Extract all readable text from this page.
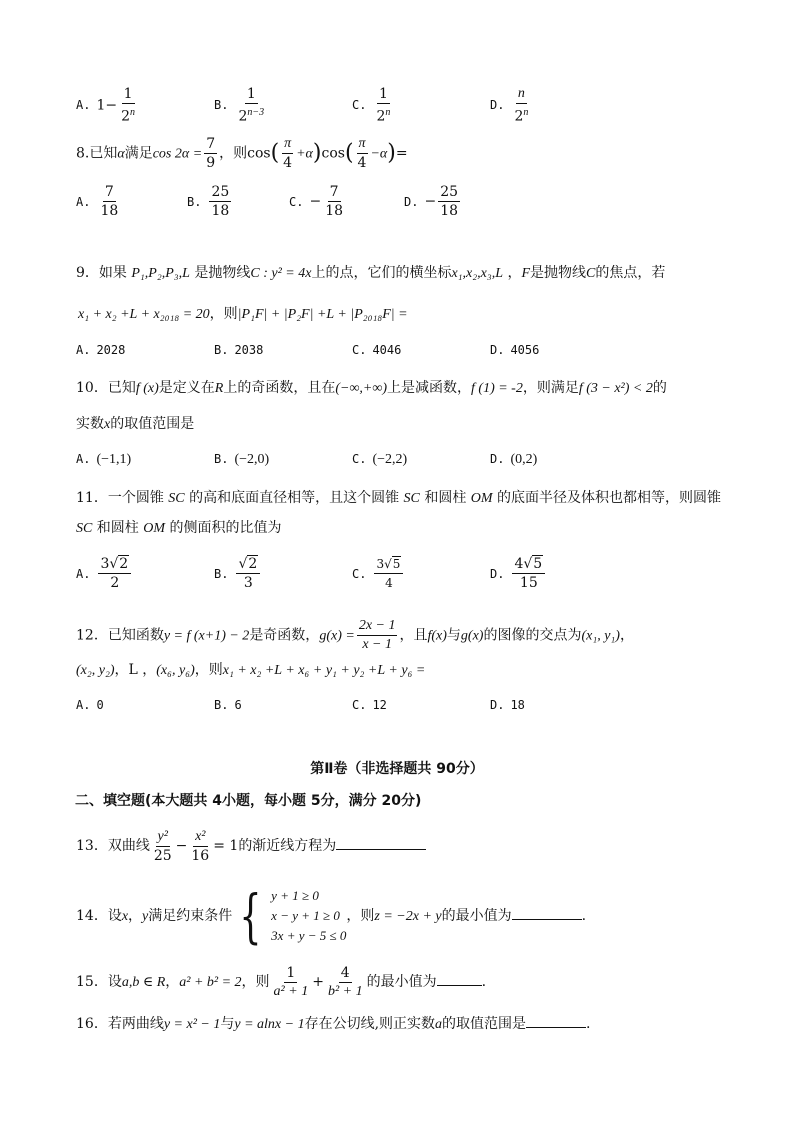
A. $1- \frac{1}{2^n}$	B. $\frac{1}{2^{n-3}}$	C. $\frac{1}{2^n}$	D. $\frac{n}{2^n}$
8.已知α满足$\cos 2\alpha = \frac{7}{9}$ ，则$\cos( \frac{\pi}{4} +\alpha)\cos( \frac{\pi}{4} -\alpha)=$
A. $\frac{7}{18}$	B. $\frac{25}{18}$	C. − $\frac{7}{18}$	D. − $\frac{25}{18}$
9．如果 P₁,P₂,P₃,L 是抛物线C : y² = 4x上的点，它们的横坐标x₁,x₂,x₃,L ，F是抛物线C的焦点，若
x₁ + x₂ +L + x₂₀₁₈ = 20，则|P₁F| + |P₂F| +L + |P₂₀₁₈F| =
A. 2028	B. 2038	C. 4046	D. 4056
10．已知f (x)是定义在R上的奇函数，且在(−∞,+∞)上是减函数，f (1) = -2，则满足f (3 − x²) < 2的
实数x的取值范围是
A. (−1,1)	B. (−2,0)	C. (−2,2)	D. (0,2)
11．一个圆锥 SC 的高和底面直径相等，且这个圆锥 SC 和圆柱 OM 的底面半径及体积也都相等，则圆锥
SC 和圆柱 OM 的侧面积的比值为
A. $\frac{3√2}{2}$	B. $\frac{√2}{3}$	C. $\frac{3√5}{4}$	D. $\frac{4√5}{15}$
12．已知函数y = f (x+1) − 2是奇函数，$g(x) = \frac{2x - 1}{x - 1}$ ，且f(x)与g(x)的图像的交点为(x₁, y₁)，
(x₂, y₂)，L ，(x₆, y₆)，则x₁ + x₂ +L + x₆ + y₁ + y₂ +L + y₆ =
A. 0	B. 6	C. 12	D. 18
第Ⅱ卷（非选择题共 90分）
二、填空题(本大题共 4小题，每小题 5分，满分 20分)
13．双曲线 $\frac{\text{y²}}{25} - \frac{\text{x²}}{16} = 1$的渐近线方程为
14．设x，y满足约束条件 { y + 1 ≥ 0
x − y + 1 ≥ 0
3x + y − 5 ≤ 0
，则z = −2x + y的最小值为	.
15．设a,b ∈ R，a² + b² = 2，则 $\frac{1}{\text{a² + 1}} + \frac{4}{\text{b² + 1}}$ 的最小值为	.
16．若两曲线y = x² − 1与y = alnx − 1存在公切线,则正实数a的取值范围是	.
